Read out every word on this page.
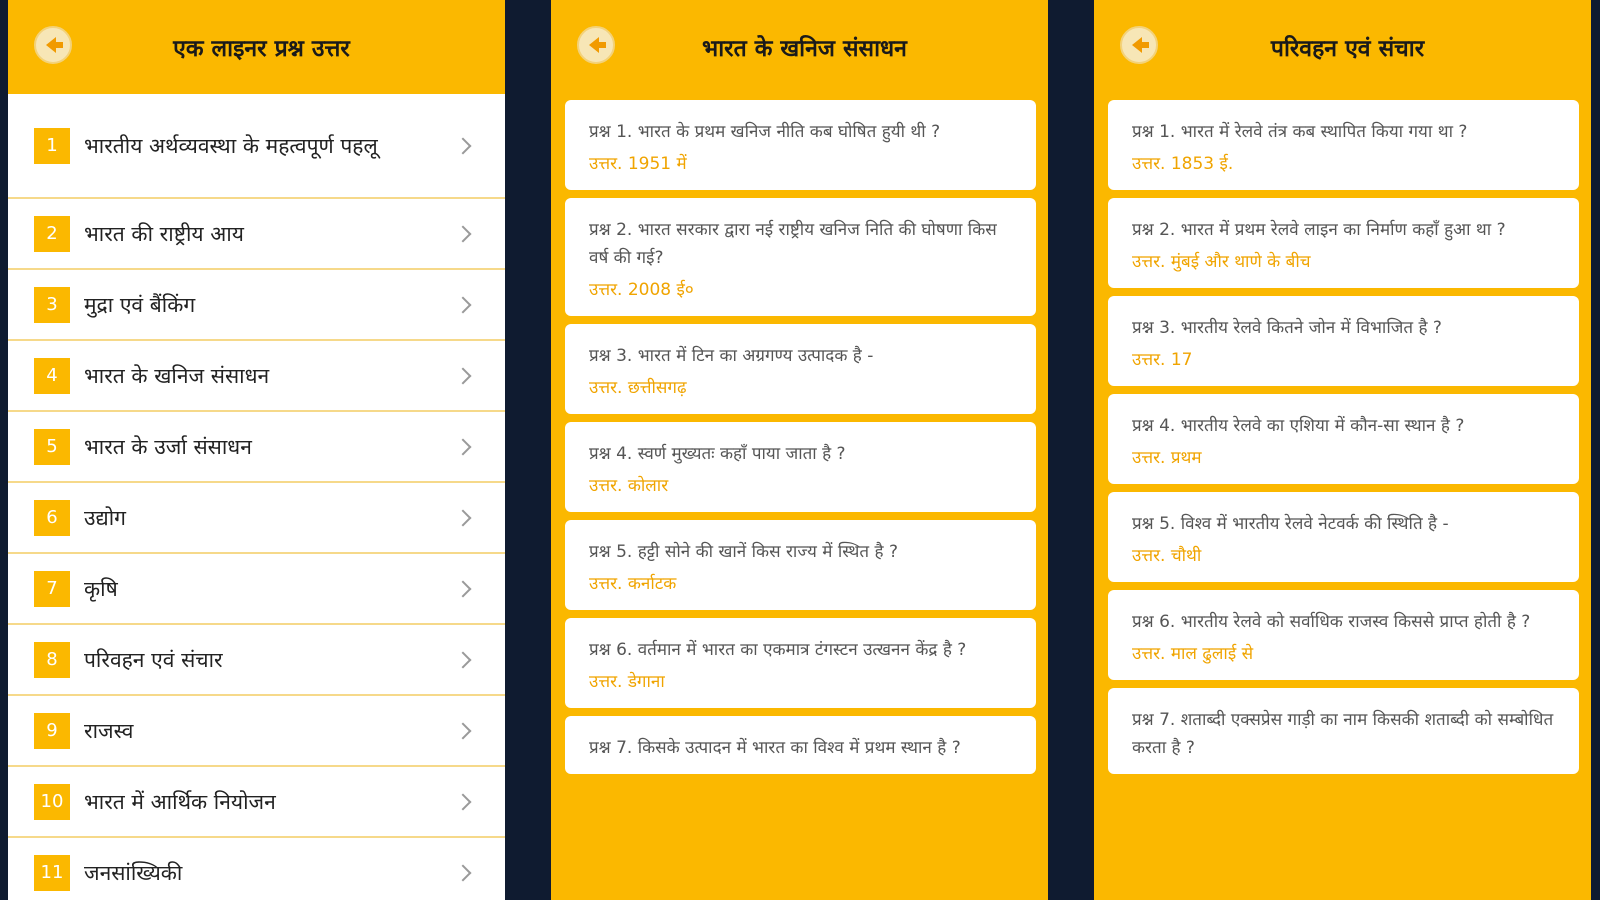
एक लाइनर प्रश्न उत्तर
1	भारतीय अर्थव्यवस्था के महत्वपूर्ण पहलू
2	भारत की राष्ट्रीय आय
3	मुद्रा एवं बैंकिंग
4	भारत के खनिज संसाधन
5	भारत के उर्जा संसाधन
6	उद्योग
7	कृषि
8	परिवहन एवं संचार
9	राजस्व
10 भारत में आर्थिक नियोजन
11 जनसांख्यिकी
भारत के खनिज संसाधन
प्रश्न 1. भारत के प्रथम खनिज नीति कब घोषित हुयी थी ?
उत्तर. 1951 में
प्रश्न 2. भारत सरकार द्वारा नई राष्ट्रीय खनिज निति की घोषणा किस वर्ष की गई?
उत्तर. 2008 ई०
प्रश्न 3. भारत में टिन का अग्रगण्य उत्पादक है -
उत्तर. छत्तीसगढ़
प्रश्न 4. स्वर्ण मुख्यतः कहाँ पाया जाता है ?
उत्तर. कोलार
प्रश्न 5. हट्टी सोने की खानें किस राज्य में स्थित है ?
उत्तर. कर्नाटक
प्रश्न 6. वर्तमान में भारत का एकमात्र टंगस्टन उत्खनन केंद्र है ?
उत्तर. डेगाना
प्रश्न 7. किसके उत्पादन में भारत का विश्व में प्रथम स्थान है ?
परिवहन एवं संचार
प्रश्न 1. भारत में रेलवे तंत्र कब स्थापित किया गया था ?
उत्तर. 1853 ई.
प्रश्न 2. भारत में प्रथम रेलवे लाइन का निर्माण कहाँ हुआ था ?
उत्तर. मुंबई और थाणे के बीच
प्रश्न 3. भारतीय रेलवे कितने जोन में विभाजित है ?
उत्तर. 17
प्रश्न 4. भारतीय रेलवे का एशिया में कौन-सा स्थान है ?
उत्तर. प्रथम
प्रश्न 5. विश्व में भारतीय रेलवे नेटवर्क की स्थिति है -
उत्तर. चौथी
प्रश्न 6. भारतीय रेलवे को सर्वाधिक राजस्व किससे प्राप्त होती है ?
उत्तर. माल ढुलाई से
प्रश्न 7. शताब्दी एक्सप्रेस गाड़ी का नाम किसकी शताब्दी को सम्बोधित करता है ?
